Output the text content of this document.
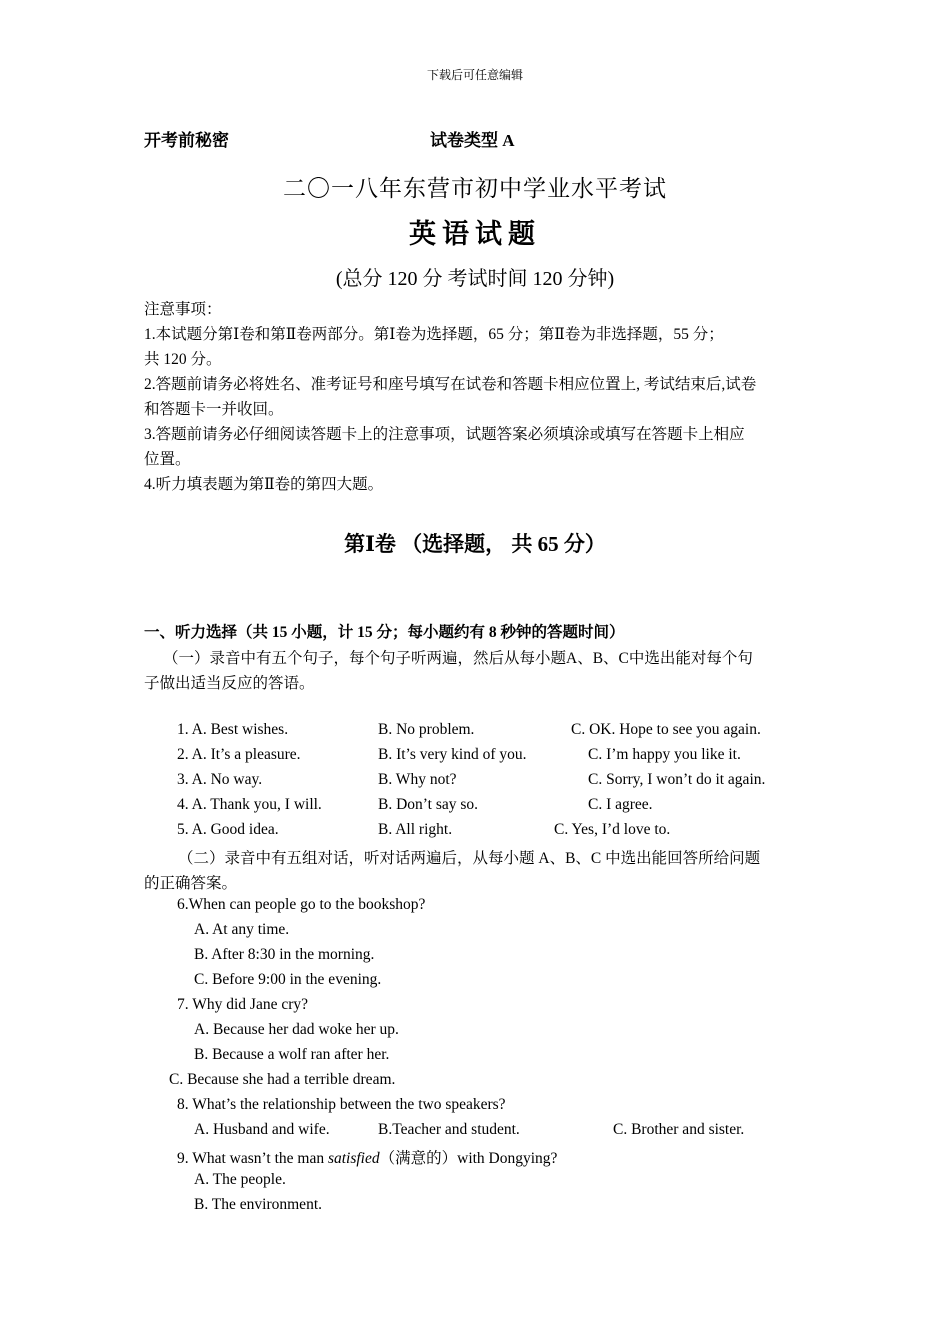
下载后可任意编辑
开考前秘密	试卷类型 A
二〇一八年东营市初中学业水平考试
英语试题
(总分 120 分 考试时间 120 分钟)
注意事项：
1.本试题分第Ⅰ卷和第Ⅱ卷两部分。第Ⅰ卷为选择题，65 分；第Ⅱ卷为非选择题，55 分；
共 120 分。
2.答题前请务必将姓名、准考证号和座号填写在试卷和答题卡相应位置上, 考试结束后,试卷
和答题卡一并收回。
3.答题前请务必仔细阅读答题卡上的注意事项，试题答案必须填涂或填写在答题卡上相应
位置。
4.听力填表题为第Ⅱ卷的第四大题。
第Ⅰ卷 （选择题， 共 65 分）
一、听力选择（共 15 小题，计 15 分；每小题约有 8 秒钟的答题时间）
（一）录音中有五个句子，每个句子听两遍，然后从每小题A、B、C中选出能对每个句
子做出适当反应的答语。
1. A. Best wishes.	B. No problem.	C. OK. Hope to see you again.
2. A. It’s a pleasure.	B. It’s very kind of you.	C. I’m happy you like it.
3. A. No way.	B. Why not?	C. Sorry, I won’t do it again.
4. A. Thank you, I will.	B. Don’t say so.	C. I agree.
5. A. Good idea.	B. All right.	C. Yes, I’d love to.
（二）录音中有五组对话，听对话两遍后，从每小题 A、B、C 中选出能回答所给问题
的正确答案。
6.When can people go to the bookshop?
A. At any time.
B. After 8:30 in the morning.
C. Before 9:00 in the evening.
7. Why did Jane cry?
A. Because her dad woke her up.
B. Because a wolf ran after her.
C. Because she had a terrible dream.
8. What’s the relationship between the two speakers?
A. Husband and wife.	B.Teacher and student.	C. Brother and sister.
9. What wasn’t the man satisfied（满意的）with Dongying?
A. The people.
B. The environment.
